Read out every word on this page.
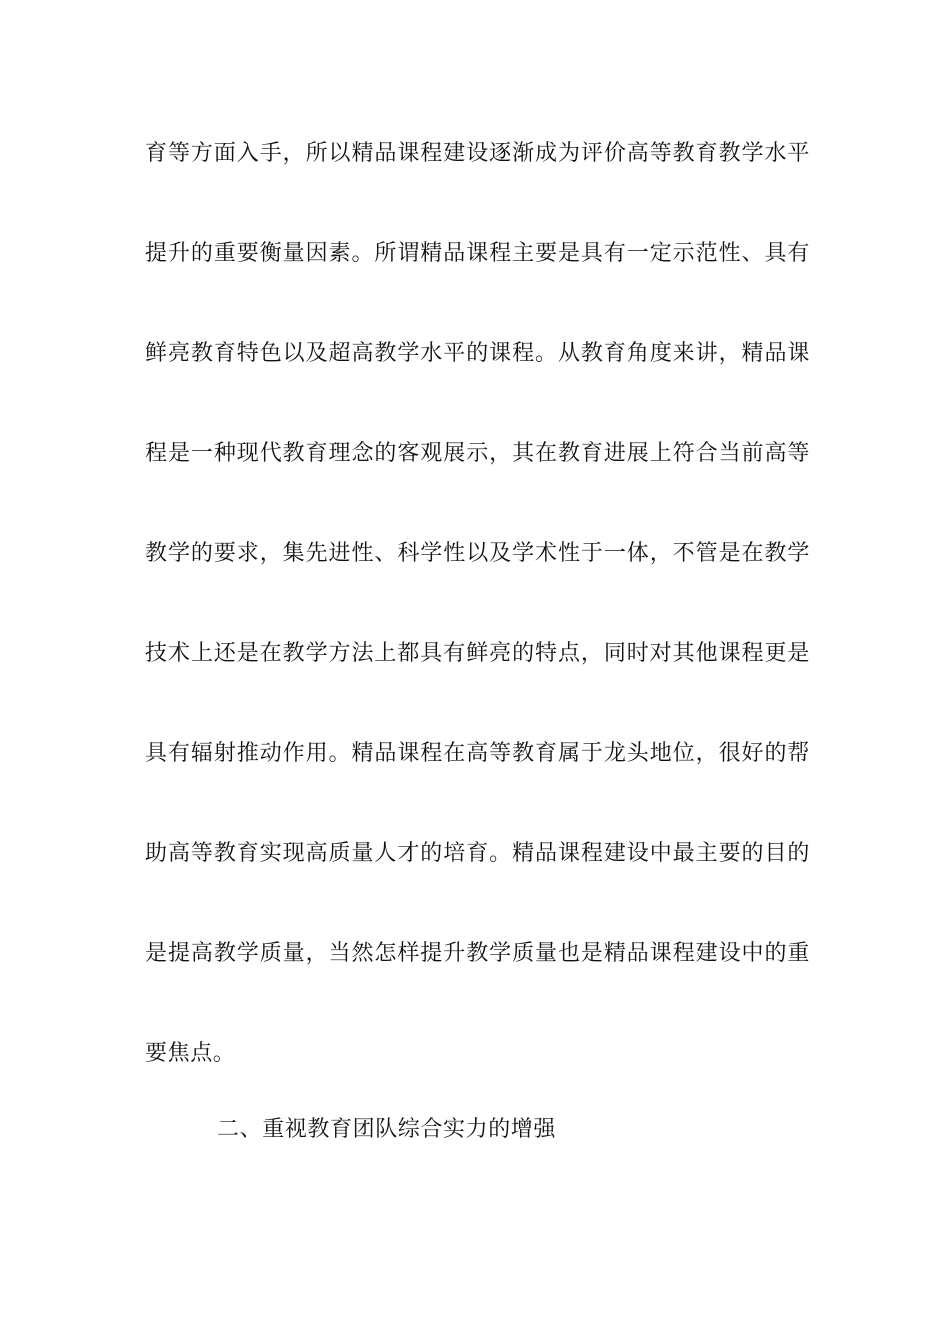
育等方面入手，所以精品课程建设逐渐成为评价高等教育教学水平
提升的重要衡量因素。所谓精品课程主要是具有一定示范性、具有
鲜亮教育特色以及超高教学水平的课程。从教育角度来讲，精品课
程是一种现代教育理念的客观展示，其在教育进展上符合当前高等
教学的要求，集先进性、科学性以及学术性于一体，不管是在教学
技术上还是在教学方法上都具有鲜亮的特点，同时对其他课程更是
具有辐射推动作用。精品课程在高等教育属于龙头地位，很好的帮
助高等教育实现高质量人才的培育。精品课程建设中最主要的目的
是提高教学质量，当然怎样提升教学质量也是精品课程建设中的重
要焦点。
二、重视教育团队综合实力的增强
